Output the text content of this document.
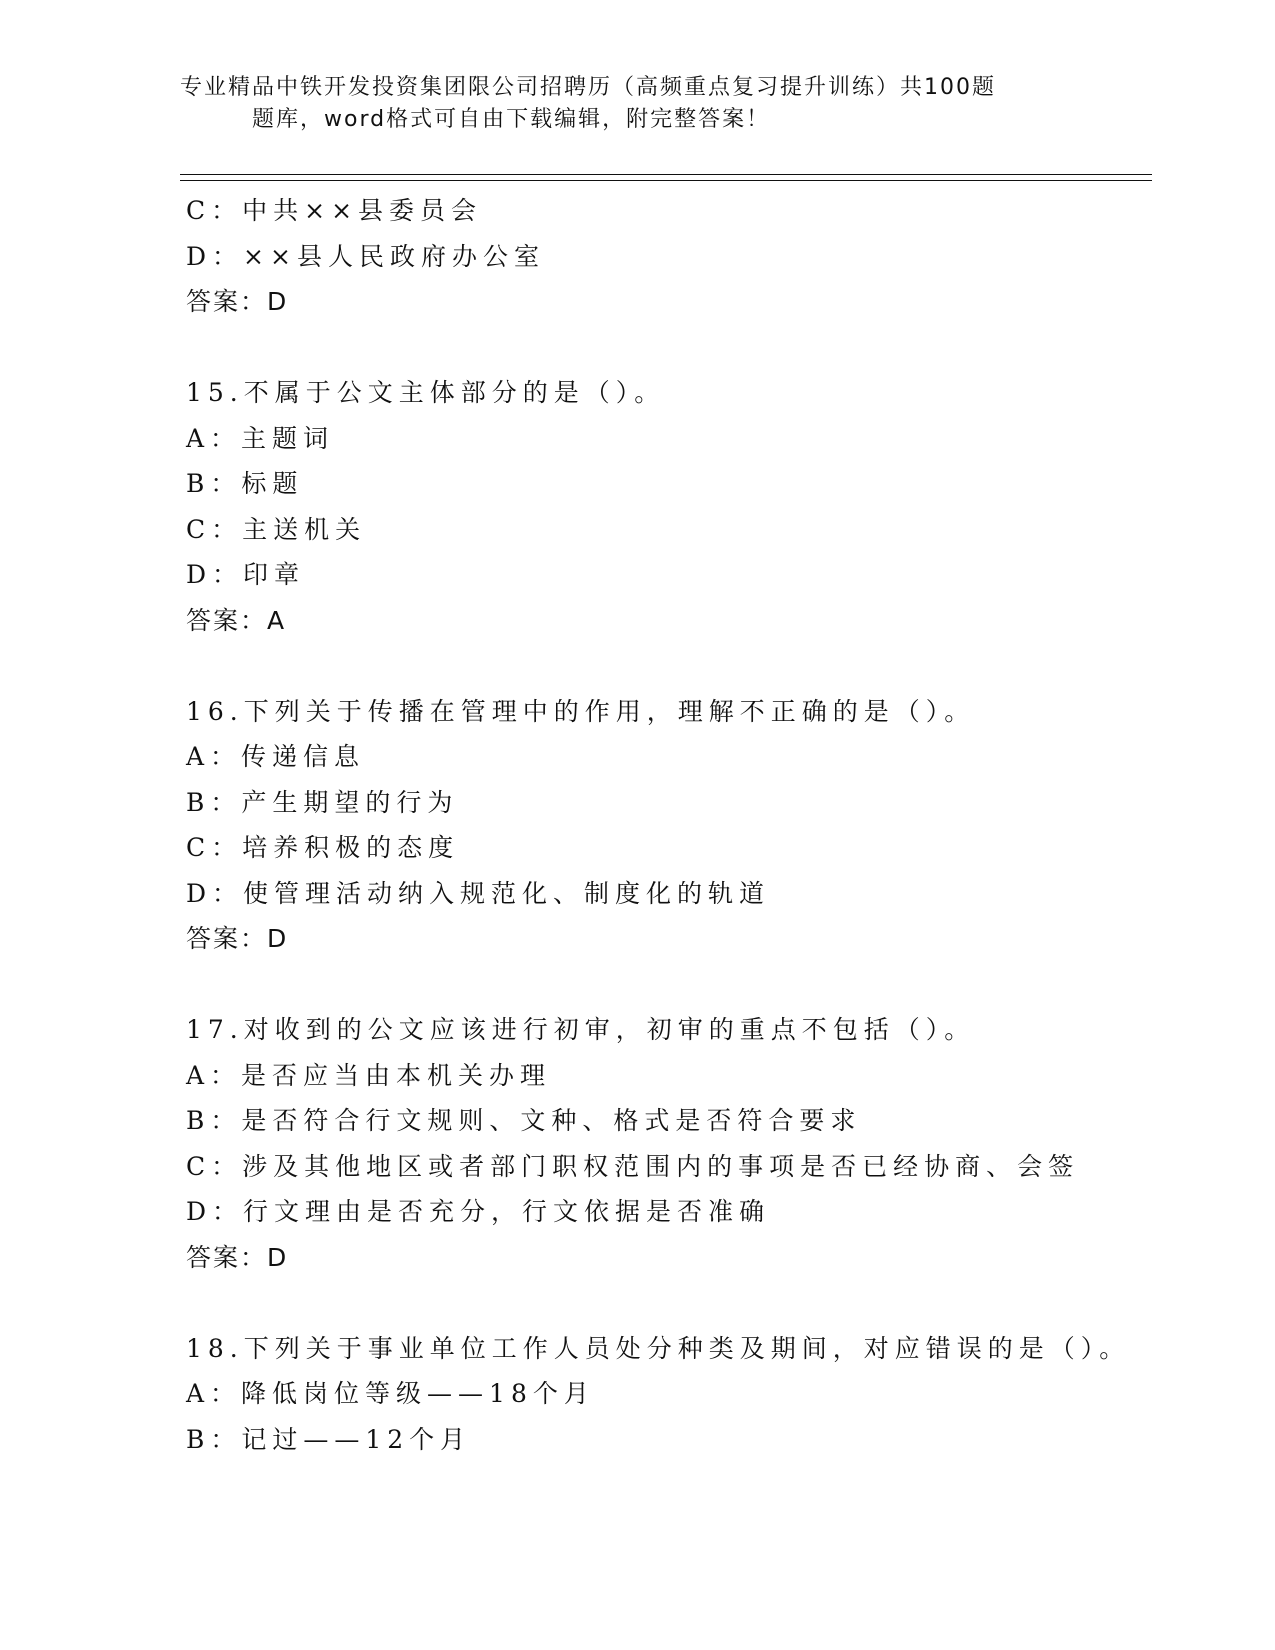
专业精品中铁开发投资集团限公司招聘历（高频重点复习提升训练）共100题
题库，word格式可自由下载编辑，附完整答案！
C：中共××县委员会
D：××县人民政府办公室
答案：D
15.不属于公文主体部分的是（）。
A：主题词
B：标题
C：主送机关
D：印章
答案：A
16.下列关于传播在管理中的作用，理解不正确的是（）。
A：传递信息
B：产生期望的行为
C：培养积极的态度
D：使管理活动纳入规范化、制度化的轨道
答案：D
17.对收到的公文应该进行初审，初审的重点不包括（）。
A：是否应当由本机关办理
B：是否符合行文规则、文种、格式是否符合要求
C：涉及其他地区或者部门职权范围内的事项是否已经协商、会签
D：行文理由是否充分，行文依据是否准确
答案：D
18.下列关于事业单位工作人员处分种类及期间，对应错误的是（）。
A：降低岗位等级——18个月
B：记过——12个月
